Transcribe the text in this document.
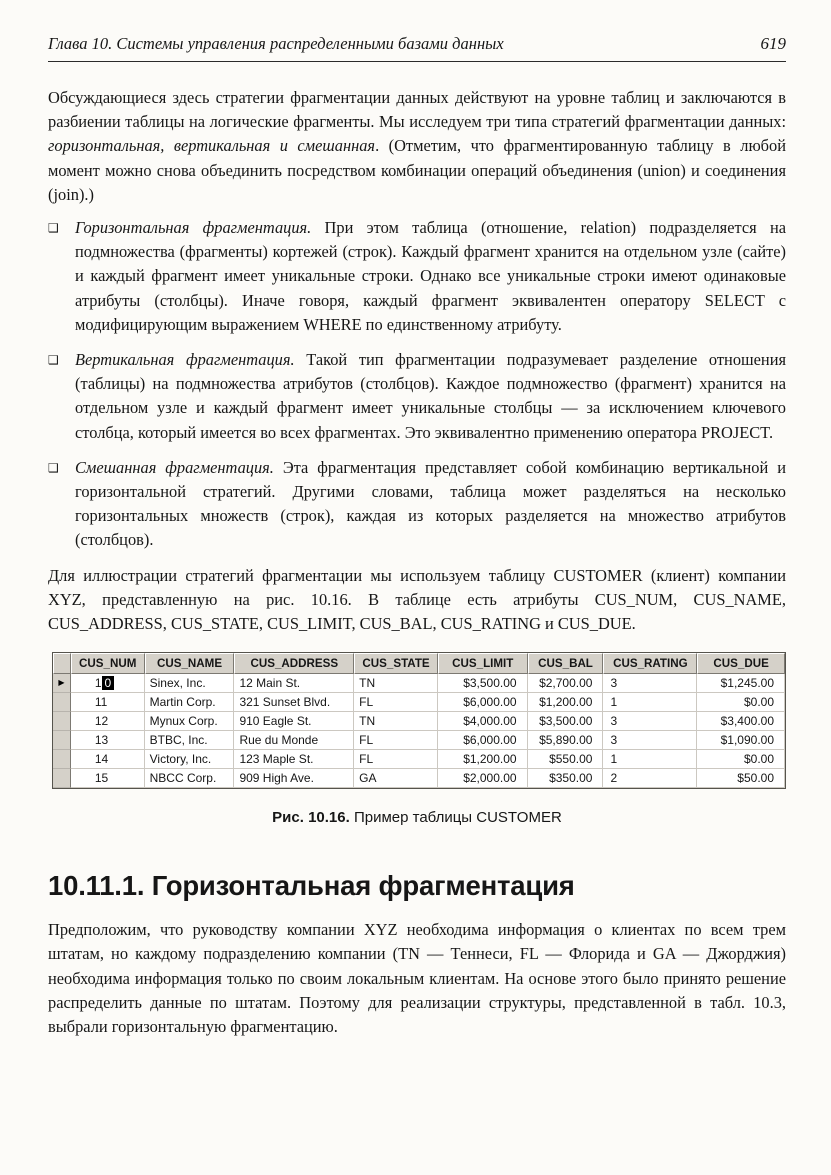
Глава 10. Системы управления распределенными базами данных	619

Обсуждающиеся здесь стратегии фрагментации данных действуют на уровне таблиц и заключаются в разбиении таблицы на логические фрагменты. Мы исследуем три типа стратегий фрагментации данных: горизонтальная, вертикальная и смешанная. (Отметим, что фрагментированную таблицу в любой момент можно снова объединить посредством комбинации операций объединения (union) и соединения (join).)

❑ Горизонтальная фрагментация. При этом таблица (отношение, relation) подразделяется на подмножества (фрагменты) кортежей (строк). Каждый фрагмент хранится на отдельном узле (сайте) и каждый фрагмент имеет уникальные строки. Однако все уникальные строки имеют одинаковые атрибуты (столбцы). Иначе говоря, каждый фрагмент эквивалентен оператору SELECT с модифицирующим выражением WHERE по единственному атрибуту.
❑ Вертикальная фрагментация. Такой тип фрагментации подразумевает разделение отношения (таблицы) на подмножества атрибутов (столбцов). Каждое подмножество (фрагмент) хранится на отдельном узле и каждый фрагмент имеет уникальные столбцы — за исключением ключевого столбца, который имеется во всех фрагментах. Это эквивалентно применению оператора PROJECT.
❑ Смешанная фрагментация. Эта фрагментация представляет собой комбинацию вертикальной и горизонтальной стратегий. Другими словами, таблица может разделяться на несколько горизонтальных множеств (строк), каждая из которых разделяется на множество атрибутов (столбцов).

Для иллюстрации стратегий фрагментации мы используем таблицу CUSTOMER (клиент) компании XYZ, представленную на рис. 10.16. В таблице есть атрибуты CUS_NUM, CUS_NAME, CUS_ADDRESS, CUS_STATE, CUS_LIMIT, CUS_BAL, CUS_RATING и CUS_DUE.

	CUS_NUM	CUS_NAME	CUS_ADDRESS	CUS_STATE	CUS_LIMIT	CUS_BAL	CUS_RATING	CUS_DUE
▶	1 0	Sinex, Inc.	12 Main St.	TN	$3,500.00	$2,700.00	3	$1,245.00
	11	Martin Corp.	321 Sunset Blvd.	FL	$6,000.00	$1,200.00	1	$0.00
	12	Mynux Corp.	910 Eagle St.	TN	$4,000.00	$3,500.00	3	$3,400.00
	13	BTBC, Inc.	Rue du Monde	FL	$6,000.00	$5,890.00	3	$1,090.00
	14	Victory, Inc.	123 Maple St.	FL	$1,200.00	$550.00	1	$0.00
	15	NBCC Corp.	909 High Ave.	GA	$2,000.00	$350.00	2	$50.00

Рис. 10.16. Пример таблицы CUSTOMER

10.11.1. Горизонтальная фрагментация

Предположим, что руководству компании XYZ необходима информация о клиентах по всем трем штатам, но каждому подразделению компании (TN — Теннеси, FL — Флорида и GA — Джорджия) необходима информация только по своим локальным клиентам. На основе этого было принято решение распределить данные по штатам. Поэтому для реализации структуры, представленной в табл. 10.3, выбрали горизонтальную фрагментацию.
